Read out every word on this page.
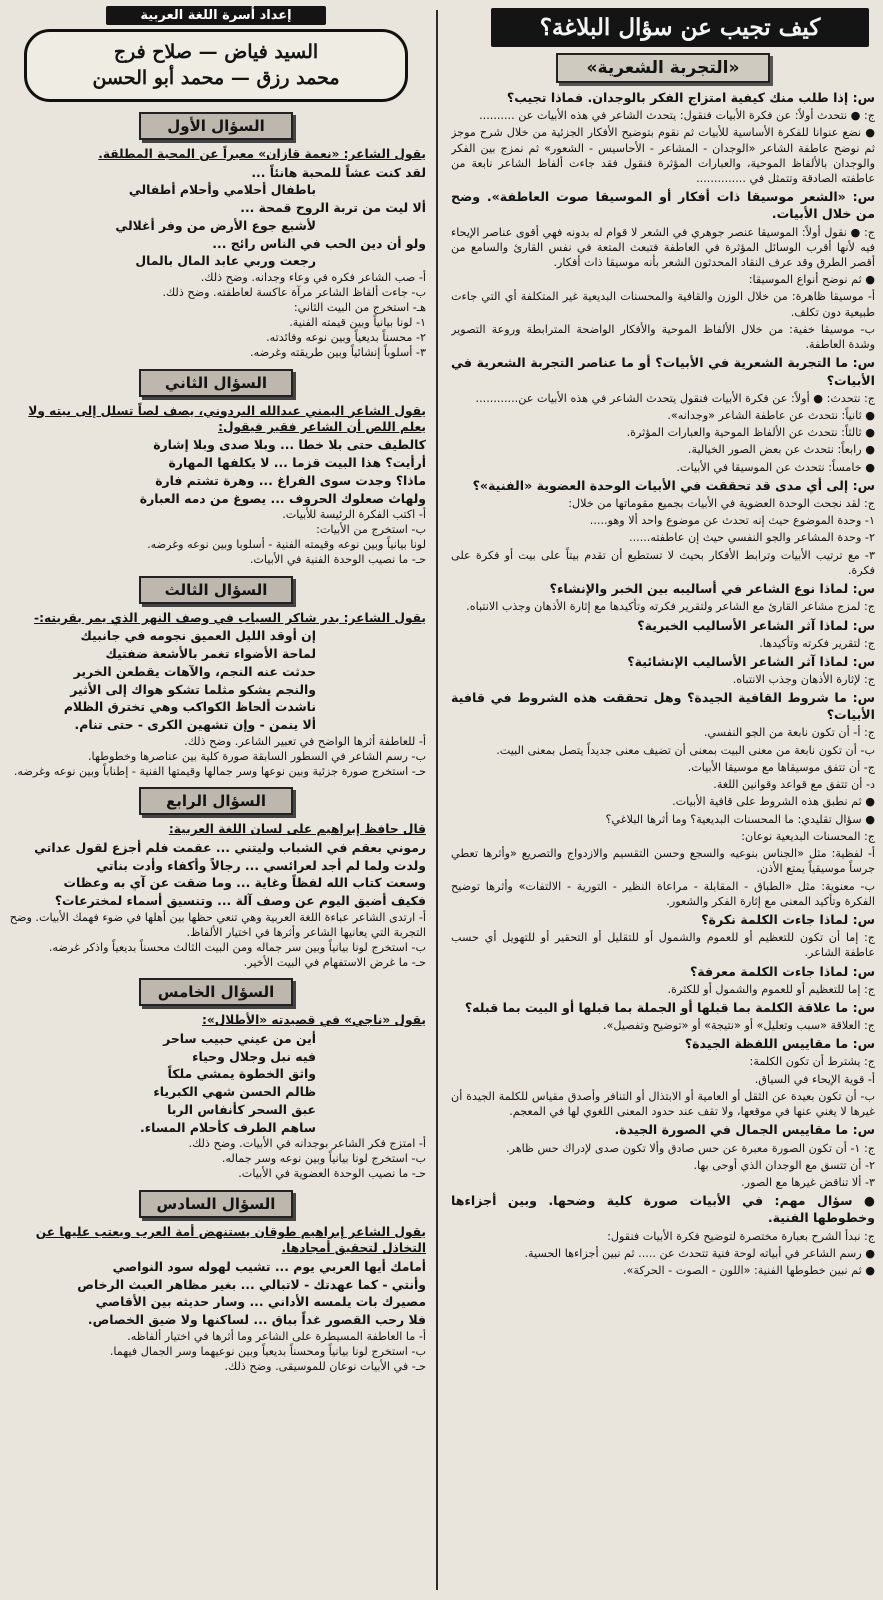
كيف تجيب عن سؤال البلاغة؟
«التجربة الشعرية»
س: إذا طلب منك كيفية امتزاج الفكر بالوجدان. فماذا تجيب؟
ج: ● نتحدث أولاً: عن فكرة الأبيات فنقول: يتحدث الشاعر في هذه الأبيات عن ..........
● نضع عنوانا للفكرة الأساسية للأبيات ثم نقوم بتوضيح الأفكار الجزئية من خلال شرح موجز ثم نوضح عاطفة الشاعر «الوجدان - المشاعر - الأحاسيس - الشعور» ثم نمزج بين الفكر والوجدان بالألفاظ الموحية، والعبارات المؤثرة فنقول فقد جاءت ألفاظ الشاعر نابعة من عاطفته الصادقة وتتمثل في ..............
س: «الشعر موسيقا ذات أفكار أو الموسيقا صوت العاطفة». وضح من خلال الأبيات.
ج: ● نقول أولاً: الموسيقا عنصر جوهري في الشعر لا قوام له بدونه فهي أقوى عناصر الإيحاء فيه لأنها أقرب الوسائل المؤثرة في العاطفة فتبعث المتعة في نفس القارئ والسامع من أقصر الطرق وقد عرف النقاد المحدثون الشعر بأنه موسيقا ذات أفكار.
● ثم نوضح أنواع الموسيقا:
أ- موسيقا ظاهرة: من خلال الوزن والقافية والمحسنات البديعية غير المتكلفة أي التي جاءت طبيعية دون تكلف.
ب- موسيقا خفية: من خلال الألفاظ الموحية والأفكار الواضحة المترابطة وروعة التصوير وشدة العاطفة.
س: ما التجربة الشعرية في الأبيات؟ أو ما عناصر التجربة الشعرية في الأبيات؟
ج: نتحدث: ● أولاً: عن فكرة الأبيات فنقول يتحدث الشاعر في هذه الأبيات عن............
● ثانياً: نتحدث عن عاطفة الشاعر «وجدانه».
● ثالثاً: نتحدث عن الألفاظ الموحية والعبارات المؤثرة.
● رابعاً: نتحدث عن بعض الصور الخيالية.
● خامساً: نتحدث عن الموسيقا في الأبيات.
س: إلى أي مدى قد تحققت في الأبيات الوحدة العضوية «الفنية»؟
ج: لقد نجحت الوحدة العضوية في الأبيات بجميع مقوماتها من خلال:
١- وحدة الموضوع حيث إنه تحدث عن موضوع واحد ألا وهو.....
٢- وحدة المشاعر والجو النفسي حيث إن عاطفته......
٣- مع ترتيب الأبيات وترابط الأفكار بحيث لا تستطيع أن تقدم بيتاً على بيت أو فكرة على فكرة.
س: لماذا نوع الشاعر في أساليبه بين الخبر والإنشاء؟
ج: لمزج مشاعر القارئ مع الشاعر ولتقرير فكرته وتأكيدها مع إثارة الأذهان وجذب الانتباه.
س: لماذا آثر الشاعر الأساليب الخبرية؟
ج: لتقرير فكرته وتأكيدها.
س: لماذا آثر الشاعر الأساليب الإنشائية؟
ج: لإثارة الأذهان وجذب الانتباه.
س: ما شروط القافية الجيدة؟ وهل تحققت هذه الشروط في قافية الأبيات؟
ج: أ- أن تكون نابعة من الجو النفسي.
ب- أن تكون نابعة من معنى البيت بمعنى أن تضيف معنى جديداً يتصل بمعنى البيت.
ج- أن تتفق موسيقاها مع موسيقا الأبيات.
د- أن تتفق مع قواعد وقوانين اللغة.
● ثم نطبق هذه الشروط على قافية الأبيات.
● سؤال تقليدي: ما المحسنات البديعية؟ وما أثرها البلاغي؟
ج: المحسنات البديعية نوعان:
أ- لفظية: مثل «الجناس بنوعيه والسجع وحسن التقسيم والازدواج والتصريع «وأثرها تعطي جرساً موسيقياً يمتع الأذن.
ب- معنوية: مثل «الطباق - المقابلة - مراعاة النظير - التورية - الالتفات» وأثرها توضيح الفكرة وتأكيد المعنى مع إثارة الفكر والشعور.
س: لماذا جاءت الكلمة نكرة؟
ج: إما أن تكون للتعظيم أو للعموم والشمول أو للتقليل أو التحقير أو للتهويل أي حسب عاطفة الشاعر.
س: لماذا جاءت الكلمة معرفة؟
ج: إما للتعظيم أو للعموم والشمول أو للكثرة.
س: ما علاقة الكلمة بما قبلها أو الجملة بما قبلها أو البيت بما قبله؟
ج: العلاقة «سبب وتعليل» أو «نتيجة» أو «توضيح وتفصيل».
س: ما مقاييس اللفظة الجيدة؟
ج: يشترط أن تكون الكلمة:
أ- قوية الإيحاء في السياق.
ب- أن تكون بعيدة عن الثقل أو العامية أو الابتذال أو التنافر وأصدق مقياس للكلمة الجيدة أن غيرها لا يغني عنها في موقعها، ولا تقف عند حدود المعنى اللغوي لها في المعجم.
س: ما مقاييس الجمال في الصورة الجيدة.
ج: ١- أن تكون الصورة معبرة عن حس صادق وألا تكون صدى لإدراك حس ظاهر.
٢- أن تتسق مع الوجدان الذي أوحى بها.
٣- ألا تناقض غيرها مع الصور.
● سؤال مهم: في الأبيات صورة كلية وضحها. وبين أجزاءها وخطوطها الفنية.
ج: نبدأ الشرح بعبارة مختصرة لتوضيح فكرة الأبيات فنقول:
● رسم الشاعر في أبياته لوحة فنية تتحدث عن ..... ثم نبين أجزاءها الحسية.
● ثم نبين خطوطها الفنية: «اللون - الصوت - الحركة».
إعداد أسرة اللغة العربية
السيد فياض — صلاح فرج
محمد رزق — محمد أبو الحسن
السؤال الأول
يقول الشاعر: «نعمة قازان» معبراً عن المحبة المطلقة.
لقد كنت عشاً للمحبة هانئاً ...
باطفال أحلامي وأحلام أطفالي
ألا ليت من تربة الروح قمحة ...
لأشبع جوع الأرض من وفر أغلالي
ولو أن دين الحب في الناس رائج ...
رجعت وربي عابد المال بالمال
أ- صب الشاعر فكره في وعاء وجدانه. وضح ذلك.
ب- جاءت ألفاظ الشاعر مرآة عاكسة لعاطفته. وضح ذلك.
هـ- استخرج من البيت الثاني:
١- لونا بيانياً وبين قيمته الفنية.
٢- محسناً بديعياً وبين نوعه وفائدته.
٣- أسلوباً إنشائياً وبين طريقته وغرضه.
السؤال الثاني
يقول الشاعر اليمني عبدالله البردوني، يصف لصاً تسلل إلى بيته ولا يعلم اللص أن الشاعر فقير فيقول:
كالطيف حتى بلا خطا ... وبلا صدى وبلا إشارة
أرأيت؟ هذا البيت قزما ... لا يكلفها المهارة
ماذا؟ وجدت سوى الفراغ ... وهرة تشتم فارة
ولهاث صعلوك الحروف ... يصوغ من دمه العبارة
أ- اكتب الفكرة الرئيسة للأبيات.
ب- استخرج من الأبيات:
لونا بيانياً وبين نوعه وقيمته الفنية - أسلوبا وبين نوعه وغرضه.
حـ- ما نصيب الوحدة الفنية في الأبيات.
السؤال الثالث
يقول الشاعر: بدر شاكر السياب في وصف النهر الذي يمر بقريته:-
إن أوقد الليل العميق نجومه في جانبيك
لماحة الأضواء تغمر بالأشعة ضفتيك
حدثت عنه النجم، والآهات يقطعن الخرير
والنجم يشكو مثلما تشكو هواك إلى الأثير
ناشدت ألحاظ الكواكب وهي تخترق الظلام
ألا ينمن - وإن تشهين الكرى - حتى تنام.
أ- للعاطفة أثرها الواضح في تعبير الشاعر. وضح ذلك.
ب- رسم الشاعر في السطور السابقة صورة كلية بين عناصرها وخطوطها.
حـ- استخرج صورة جزئية وبين نوعها وسر جمالها وقيمتها الفنية - إطناباً وبين نوعه وغرضه.
السؤال الرابع
قال حافظ إبراهيم على لسان اللغة العربية:
رموني بعقم في الشباب وليتني ... عقمت فلم أجزع لقول عداتي
ولدت ولما لم أجد لعرائسي ... رجالاً وأكفاء وأدت بناتي
وسعت كتاب الله لفظاً وغاية ... وما ضقت عن آي به وعظات
فكيف أضيق اليوم عن وصف آلة ... وتنسيق أسماء لمخترعات؟
أ- ارتدى الشاعر عباءة اللغة العربية وهي تنعي حظها بين أهلها في ضوء فهمك الأبيات. وضح التجربة التي يعانيها الشاعر وأثرها في اختيار الألفاظ.
ب- استخرج لونا بيانياً وبين سر جماله ومن البيت الثالث محسناً بديعياً واذكر غرضه.
حـ- ما غرض الاستفهام في البيت الأخير.
السؤال الخامس
يقول «ناجي» في قصيدته «الأطلال»:
أين من عيني حبيب ساحر
فيه نبل وجلال وحياء
واثق الخطوة يمشي ملكاً
ظالم الحسن شهي الكبرياء
عبق السحر كأنفاس الربا
ساهم الطرف كأحلام المساء.
أ- امتزج فكر الشاعر بوجدانه في الأبيات. وضح ذلك.
ب- استخرج لونا بيانياً وبين نوعه وسر جماله.
حـ- ما نصيب الوحدة العضوية في الأبيات.
السؤال السادس
يقول الشاعر إبراهيم طوقان يستنهض أمة العرب ويعتب عليها عن التخاذل لتحقيق أمجادها.
أمامك أيها العربي يوم ... تشيب لهوله سود النواصي
وأنتي - كما عهدتك - لاتبالي ... بغير مظاهر العبث الرخاص
مصيرك بات يلمسه الأداني ... وسار حديثه بين الأقاصي
فلا رحب القصور غداً بباق ... لساكنها ولا ضيق الخصاص.
أ- ما العاطفة المسيطرة على الشاعر وما أثرها في اختيار ألفاظه.
ب- استخرج لونا بيانياً ومحسناً بديعياً وبين نوعيهما وسر الجمال فيهما.
حـ- في الأبيات نوعان للموسيقى. وضح ذلك.
